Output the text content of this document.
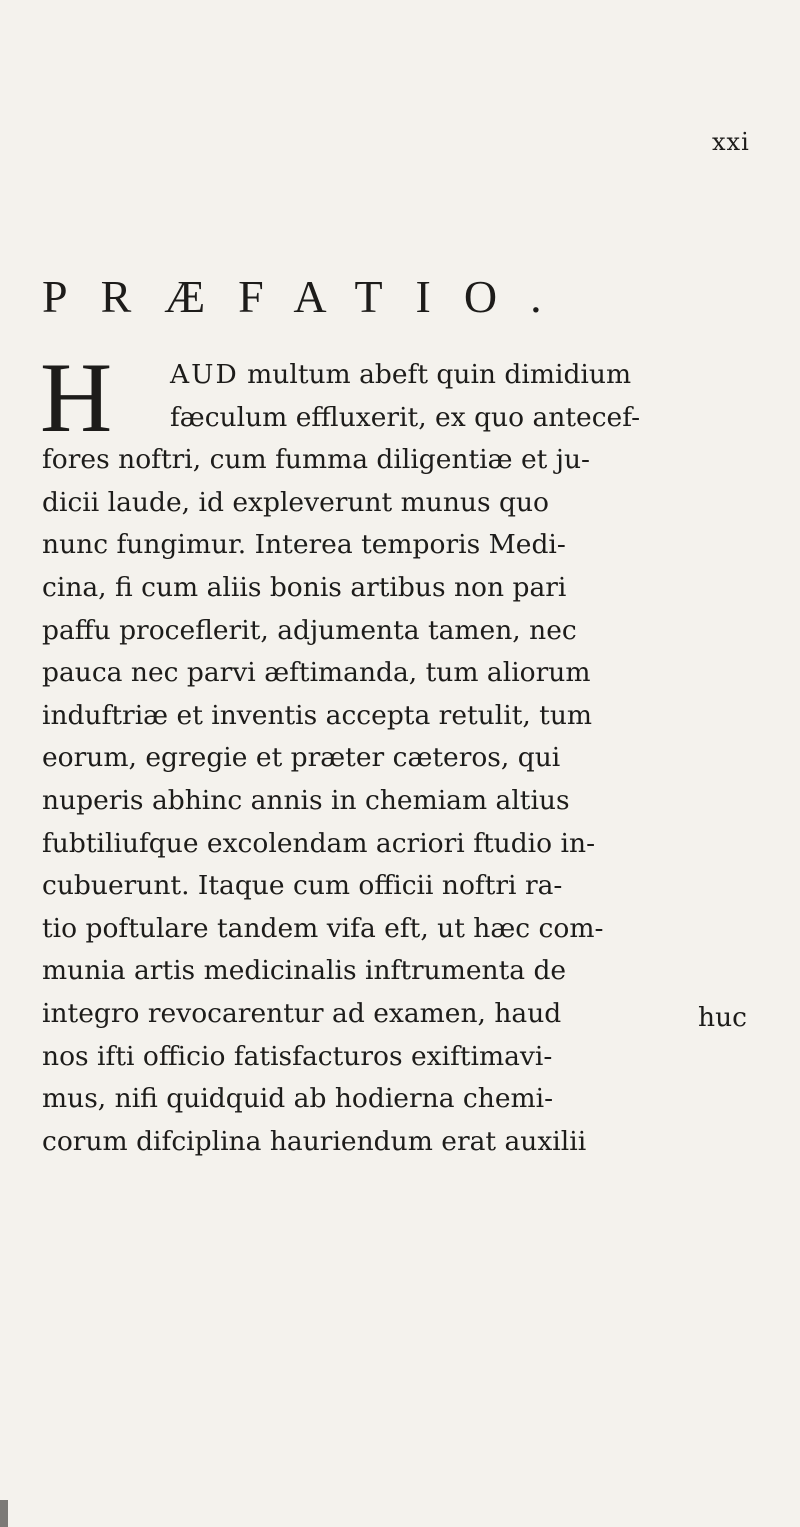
xxi
PRÆFATIO.
H AUD multum abeft quin dimidium
fæculum effluxerit, ex quo antecef-
fores noftri, cum fumma diligentiæ et ju-
dicii laude, id expleverunt munus quo
nunc fungimur. Interea temporis Medi-
cina, fi cum aliis bonis artibus non pari
paffu proceflerit, adjumenta tamen, nec
pauca nec parvi æftimanda, tum aliorum
induftriæ et inventis accepta retulit, tum
eorum, egregie et præter cæteros, qui
nuperis abhinc annis in chemiam altius
fubtiliufque excolendam acriori ftudio in-
cubuerunt. Itaque cum officii noftri ra-
tio poftulare tandem vifa eft, ut hæc com-
munia artis medicinalis inftrumenta de
integro revocarentur ad examen, haud
nos ifti officio fatisfacturos exiftimavi-
mus, nifi quidquid ab hodierna chemi-
corum difciplina hauriendum erat auxilii
huc
